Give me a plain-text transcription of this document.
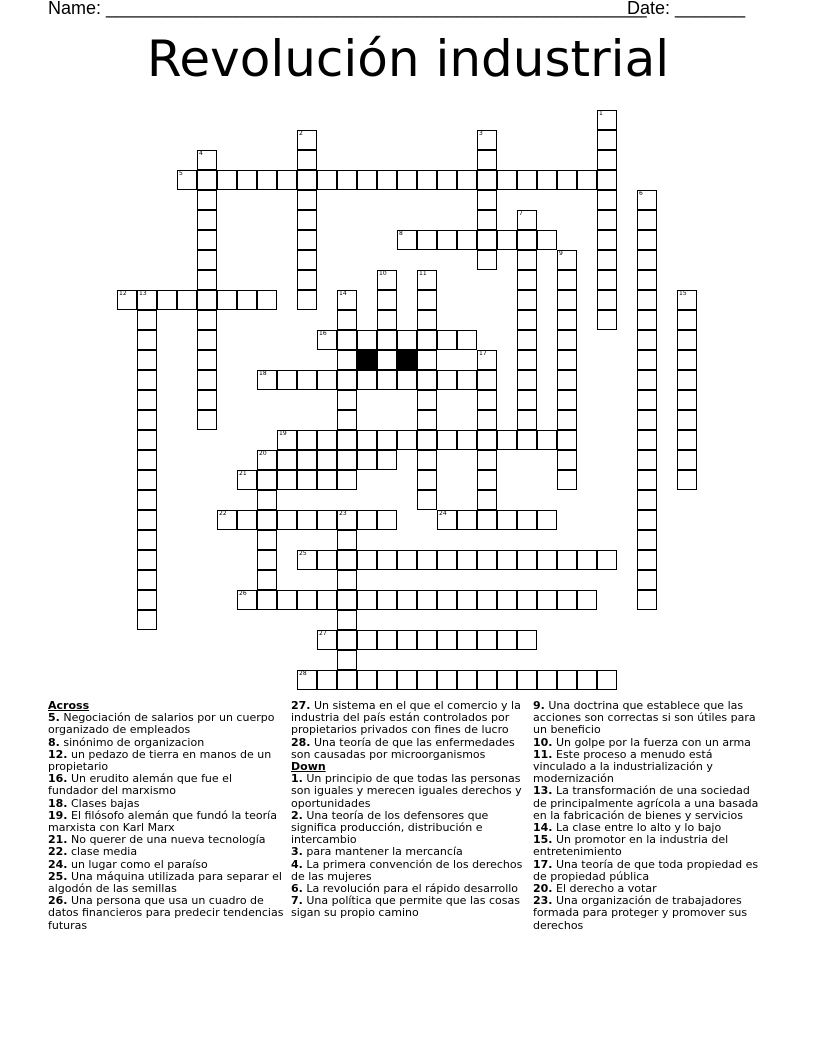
Name: ______________________________________________________
Date: _______
Revolución industrial
5
8
12
16
18
19
20
21
22	24
25
26
27
28
1
2	3
4
6
7
9
10	11
13	14	15
17
23
Across
5. Negociación de salarios por un cuerpo organizado de empleados
8. sinónimo de organizacion
12. un pedazo de tierra en manos de un propietario
16. Un erudito alemán que fue el fundador del marxismo
18. Clases bajas
19. El filósofo alemán que fundó la teoría marxista con Karl Marx
21. No querer de una nueva tecnología
22. clase media
24. un lugar como el paraíso
25. Una máquina utilizada para separar el algodón de las semillas
26. Una persona que usa un cuadro de datos financieros para predecir tendencias futuras
27. Un sistema en el que el comercio y la industria del país están controlados por propietarios privados con fines de lucro
28. Una teoría de que las enfermedades son causadas por microorganismos
Down
1. Un principio de que todas las personas son iguales y merecen iguales derechos y oportunidades
2. Una teoría de los defensores que significa producción, distribución e intercambio
3. para mantener la mercancía
4. La primera convención de los derechos de las mujeres
6. La revolución para el rápido desarrollo
7. Una política que permite que las cosas sigan su propio camino
9. Una doctrina que establece que las acciones son correctas si son útiles para un beneficio
10. Un golpe por la fuerza con un arma
11. Este proceso a menudo está vinculado a la industrialización y modernización
13. La transformación de una sociedad de principalmente agrícola a una basada en la fabricación de bienes y servicios
14. La clase entre lo alto y lo bajo
15. Un promotor en la industria del entretenimiento
17. Una teoría de que toda propiedad es de propiedad pública
20. El derecho a votar
23. Una organización de trabajadores formada para proteger y promover sus derechos
